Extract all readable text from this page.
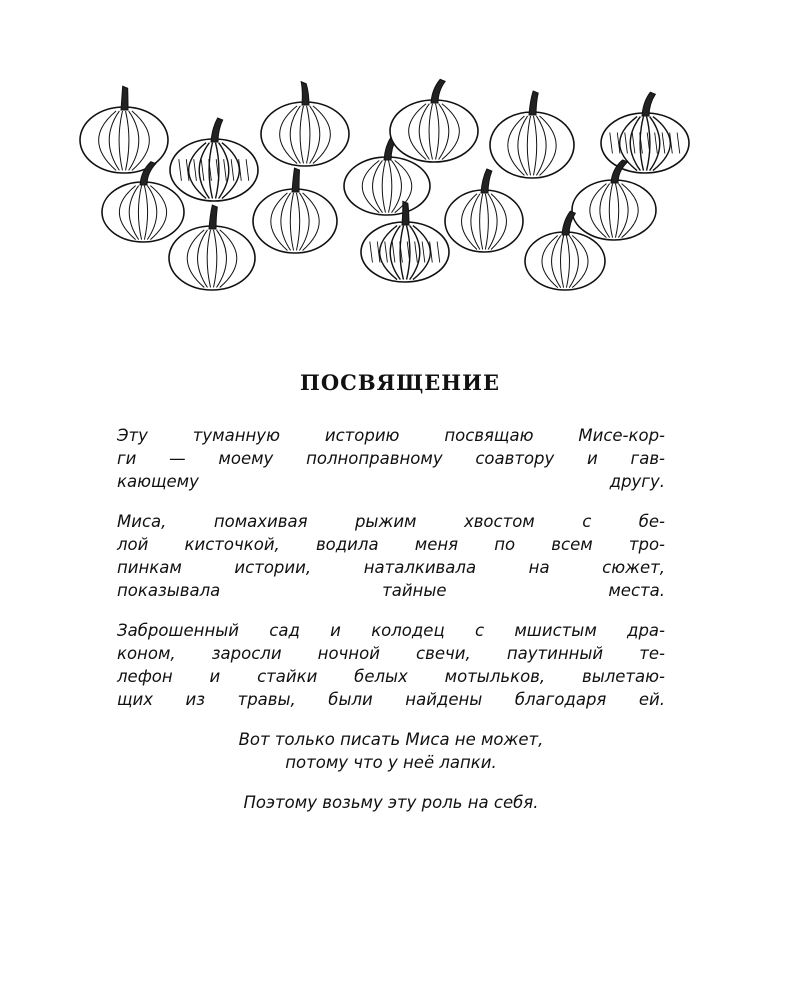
ПОСВЯЩЕНИЕ

Эту туманную историю посвящаю Мисе-кор-
ги — моему полноправному соавтору и гав-
кающему другу.

Миса, помахивая рыжим хвостом с бе-
лой кисточкой, водила меня по всем тро-
пинкам истории, наталкивала на сюжет,
показывала тайные места.

Заброшенный сад и колодец с мшистым дра-
коном, заросли ночной свечи, паутинный те-
лефон и стайки белых мотыльков, вылетаю-
щих из травы, были найдены благодаря ей.

Вот только писать Миса не может,
потому что у неё лапки.

Поэтому возьму эту роль на себя.
